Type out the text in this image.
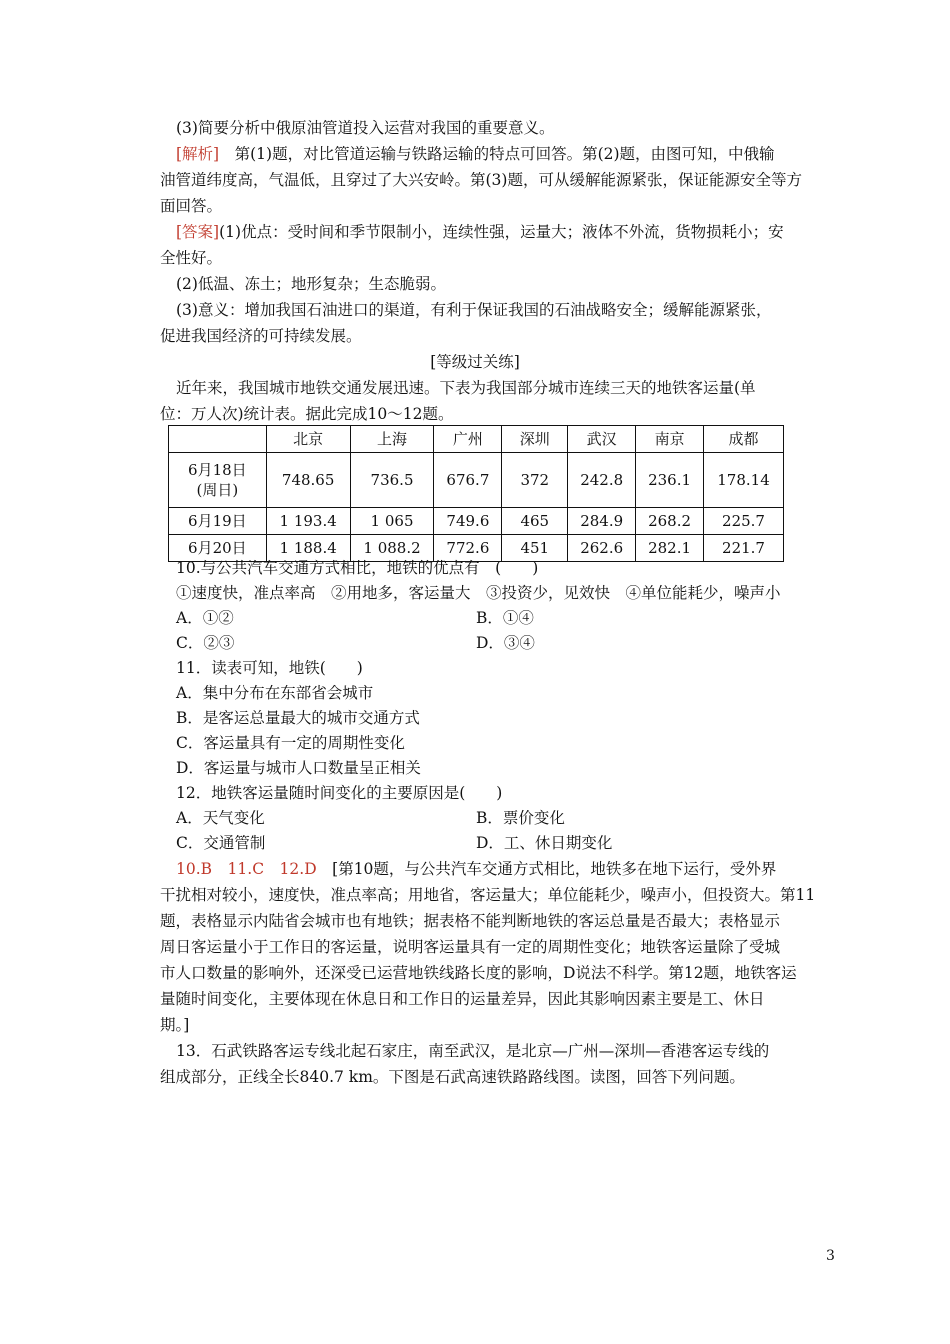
(3)简要分析中俄原油管道投入运营对我国的重要意义。
[解析]　第(1)题，对比管道运输与铁路运输的特点可回答。第(2)题，由图可知，中俄输
油管道纬度高，气温低，且穿过了大兴安岭。第(3)题，可从缓解能源紧张，保证能源安全等方
面回答。
[答案](1)优点：受时间和季节限制小，连续性强，运量大；液体不外流，货物损耗小；安
全性好。
(2)低温、冻土；地形复杂；生态脆弱。
(3)意义：增加我国石油进口的渠道，有利于保证我国的石油战略安全；缓解能源紧张，
促进我国经济的可持续发展。
[等级过关练]
近年来，我国城市地铁交通发展迅速。下表为我国部分城市连续三天的地铁客运量(单
位：万人次)统计表。据此完成10～12题。
	北京	上海	广州	深圳	武汉	南京	成都

6月18日
(周日)	748.65	736.5	676.7	372	242.8	236.1	178.14
6月19日	1 193.4	1 065	749.6	465	284.9	268.2	225.7
6月20日	1 188.4	1 088.2	772.6	451	262.6	282.1	221.7
10.与公共汽车交通方式相比，地铁的优点有　(　　)
①速度快，准点率高　②用地多，客运量大　③投资少，见效快　④单位能耗少，噪声小
A．①②	B．①④
C．②③	D．③④
11．读表可知，地铁(　　)
A．集中分布在东部省会城市
B．是客运总量最大的城市交通方式
C．客运量具有一定的周期性变化
D．客运量与城市人口数量呈正相关
12．地铁客运量随时间变化的主要原因是(　　)
A．天气变化	B．票价变化
C．交通管制	D．工、休日期变化
10.B　11.C　12.D　[第10题，与公共汽车交通方式相比，地铁多在地下运行，受外界
干扰相对较小，速度快，准点率高；用地省，客运量大；单位能耗少，噪声小，但投资大。第11
题，表格显示内陆省会城市也有地铁；据表格不能判断地铁的客运总量是否最大；表格显示
周日客运量小于工作日的客运量，说明客运量具有一定的周期性变化；地铁客运量除了受城
市人口数量的影响外，还深受已运营地铁线路长度的影响，D说法不科学。第12题，地铁客运
量随时间变化，主要体现在休息日和工作日的运量差异，因此其影响因素主要是工、休日
期。]
13．石武铁路客运专线北起石家庄，南至武汉，是北京—广州—深圳—香港客运专线的
组成部分，正线全长840.7 km。下图是石武高速铁路路线图。读图，回答下列问题。
3
